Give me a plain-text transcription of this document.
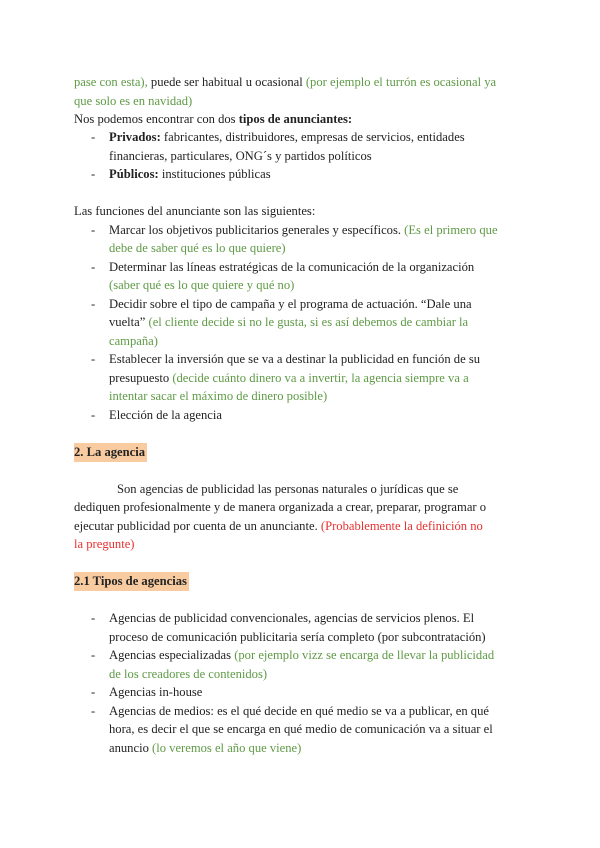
pase con esta), puede ser habitual u ocasional (por ejemplo el turrón es ocasional ya
que solo es en navidad)
Nos podemos encontrar con dos tipos de anunciantes:
- Privados: fabricantes, distribuidores, empresas de servicios, entidades
financieras, particulares, ONG´s y partidos políticos
- Públicos: instituciones públicas
Las funciones del anunciante son las siguientes:
- Marcar los objetivos publicitarios generales y específicos. (Es el primero que
debe de saber qué es lo que quiere)
- Determinar las líneas estratégicas de la comunicación de la organización
(saber qué es lo que quiere y qué no)
- Decidir sobre el tipo de campaña y el programa de actuación. “Dale una
vuelta” (el cliente decide si no le gusta, si es así debemos de cambiar la
campaña)
- Establecer la inversión que se va a destinar la publicidad en función de su
presupuesto (decide cuánto dinero va a invertir, la agencia siempre va a
intentar sacar el máximo de dinero posible)
- Elección de la agencia
2. La agencia
Son agencias de publicidad las personas naturales o jurídicas que se
dediquen profesionalmente y de manera organizada a crear, preparar, programar o
ejecutar publicidad por cuenta de un anunciante. (Probablemente la definición no
la pregunte)
2.1 Tipos de agencias
- Agencias de publicidad convencionales, agencias de servicios plenos. El
proceso de comunicación publicitaria sería completo (por subcontratación)
- Agencias especializadas (por ejemplo vizz se encarga de llevar la publicidad
de los creadores de contenidos)
- Agencias in-house
- Agencias de medios: es el qué decide en qué medio se va a publicar, en qué
hora, es decir el que se encarga en qué medio de comunicación va a situar el
anuncio (lo veremos el año que viene)
